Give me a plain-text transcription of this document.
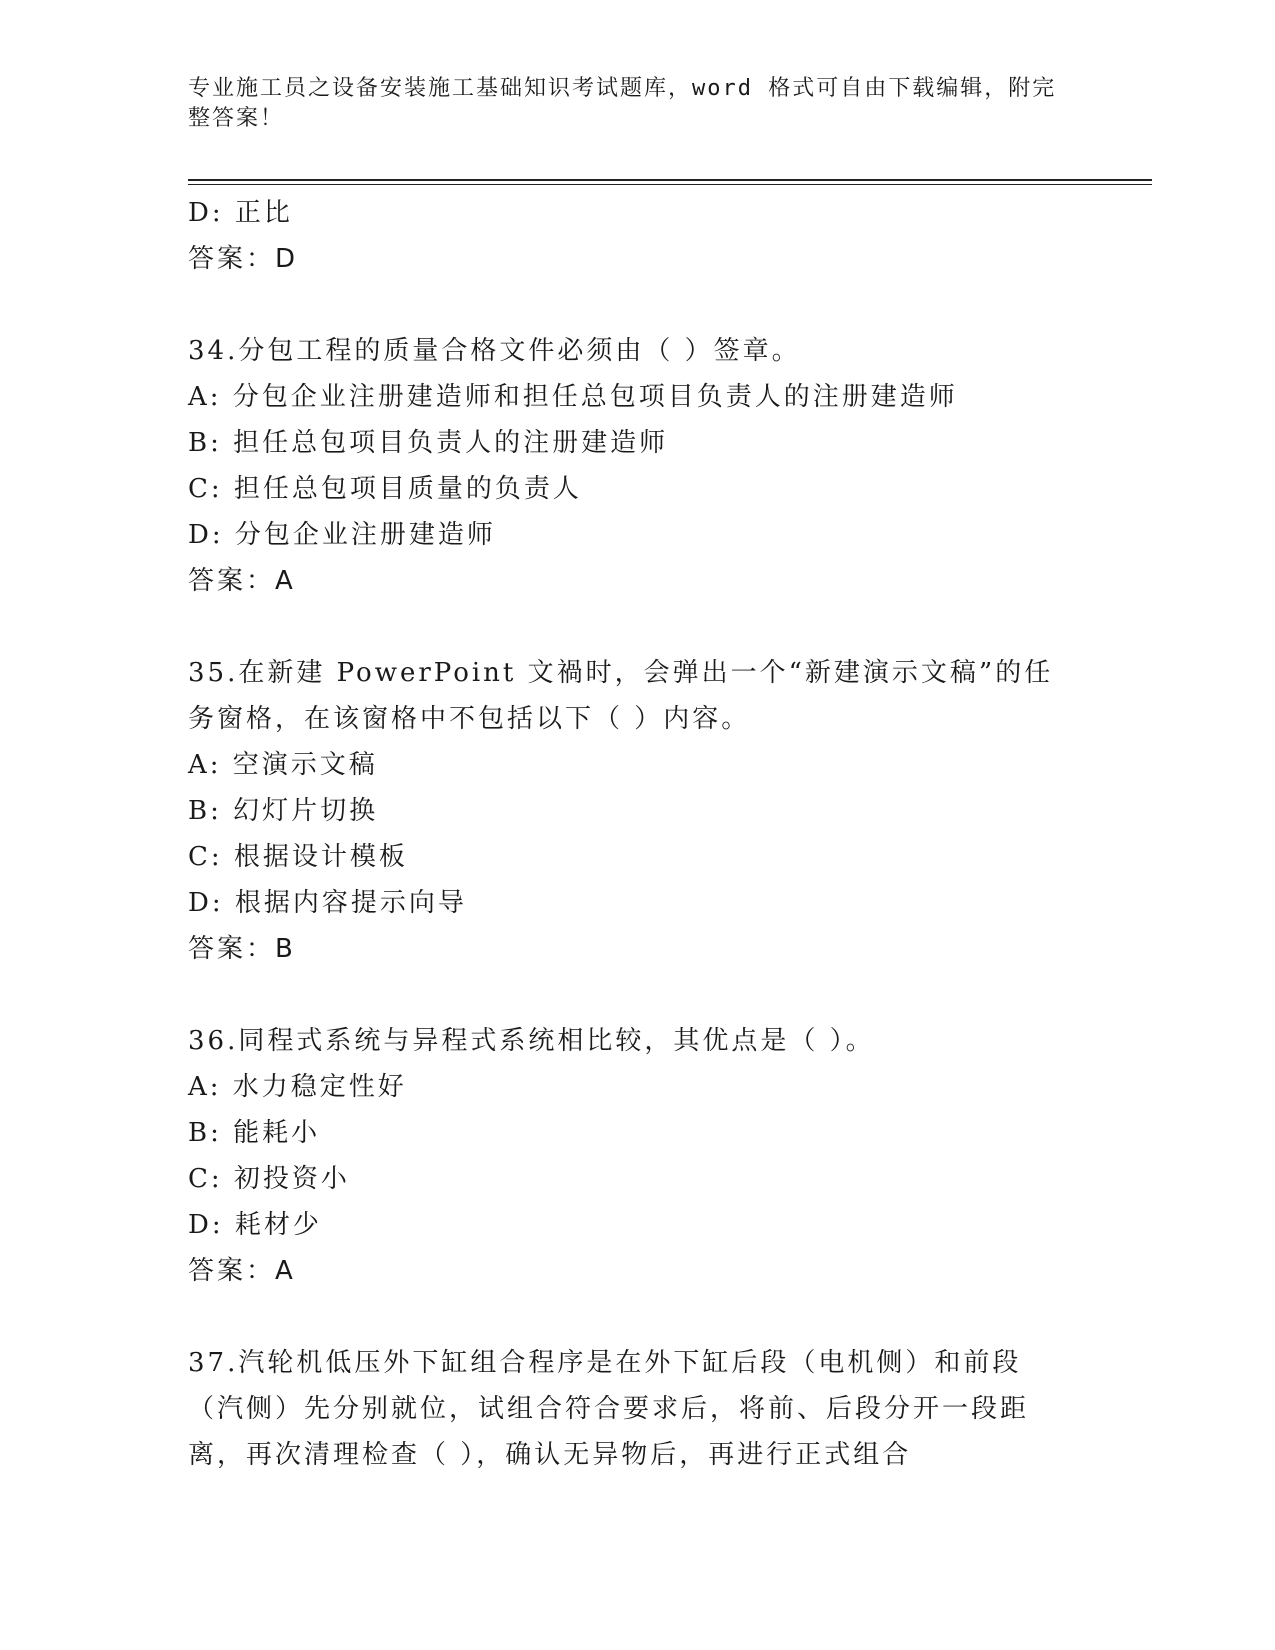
专业施工员之设备安装施工基础知识考试题库，word 格式可自由下载编辑，附完整答案！
D: 正比
答案：D
34.分包工程的质量合格文件必须由（ ）签章。
A: 分包企业注册建造师和担任总包项目负责人的注册建造师
B: 担任总包项目负责人的注册建造师
C: 担任总包项目质量的负责人
D: 分包企业注册建造师
答案：A
35.在新建 PowerPoint 文禍时，会弹出一个“新建演示文稿”的任务窗格，在该窗格中不包括以下（ ）内容。
A: 空演示文稿
B: 幻灯片切换
C: 根据设计模板
D: 根据内容提示向导
答案：B
36.同程式系统与异程式系统相比较，其优点是（ ）。
A: 水力稳定性好
B: 能耗小
C: 初投资小
D: 耗材少
答案：A
37.汽轮机低压外下缸组合程序是在外下缸后段（电机侧）和前段（汽侧）先分别就位，试组合符合要求后，将前、后段分开一段距离，再次清理检查（ ），确认无异物后，再进行正式组合
